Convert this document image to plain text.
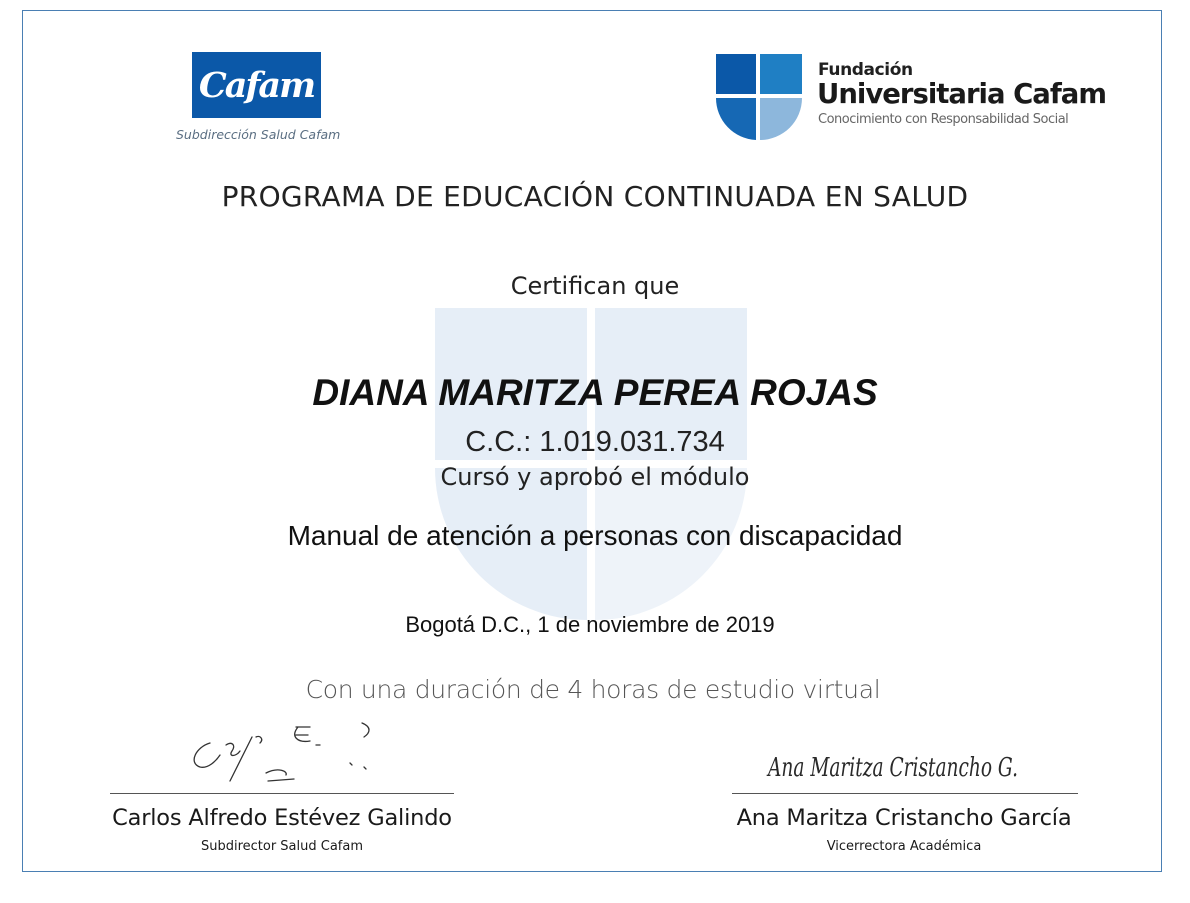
Cafam
Subdirección Salud Cafam
Fundación
Universitaria Cafam
Conocimiento con Responsabilidad Social
PROGRAMA DE EDUCACIÓN CONTINUADA EN SALUD
Certifican que
DIANA MARITZA PEREA ROJAS
C.C.: 1.019.031.734
Cursó y aprobó el módulo
Manual de atención a personas con discapacidad
Bogotá D.C., 1 de noviembre de 2019
Con una duración de 4 horas de estudio virtual
Carlos Alfredo Estévez Galindo
Subdirector Salud Cafam
Ana Maritza Cristancho G.
Ana Maritza Cristancho García
Vicerrectora Académica
